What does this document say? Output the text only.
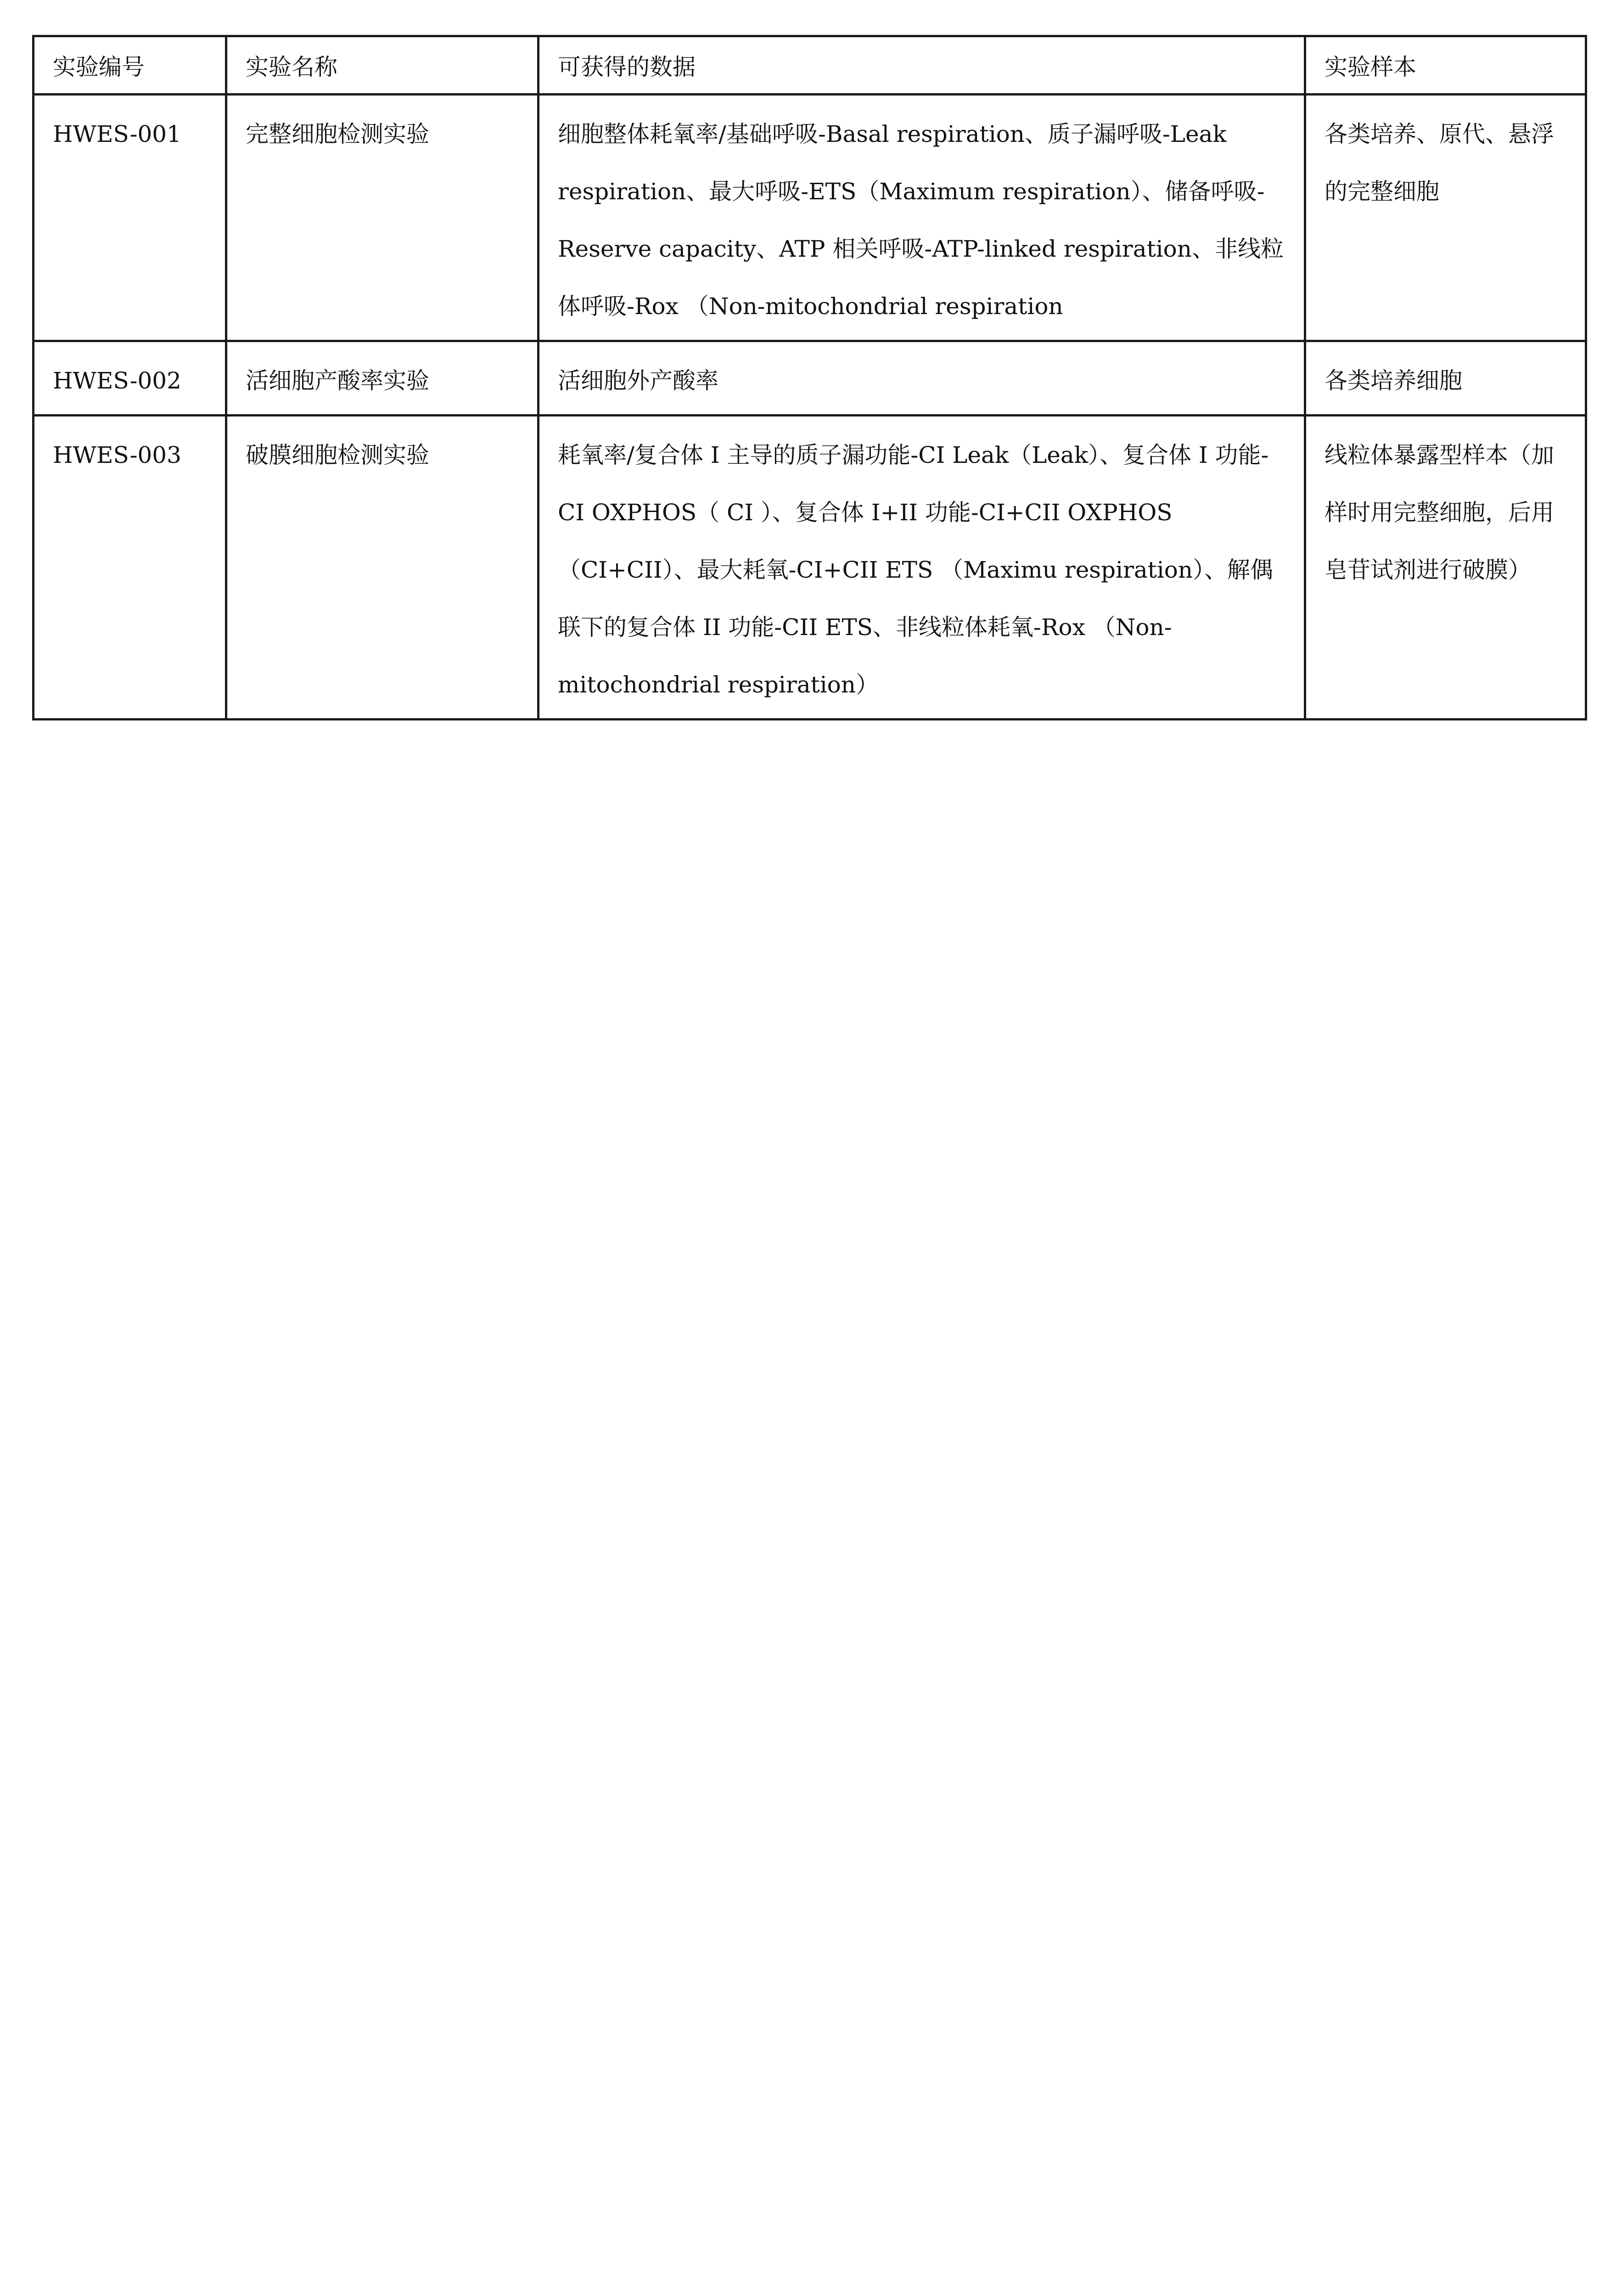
实验编号	实验名称	可获得的数据	实验样本
HWES-001	完整细胞检测实验	细胞整体耗氧率/基础呼吸-Basal respiration、质子漏呼吸-Leak respiration、最大呼吸-ETS（Maximum respiration）、储备呼吸-Reserve capacity、ATP 相关呼吸-ATP-linked respiration、非线粒体呼吸-Rox （Non-mitochondrial respiration	各类培养、原代、悬浮的完整细胞
HWES-002	活细胞产酸率实验	活细胞外产酸率	各类培养细胞
HWES-003	破膜细胞检测实验	耗氧率/复合体 I 主导的质子漏功能-CI Leak（Leak）、复合体 I 功能-CI OXPHOS（ CI ）、复合体 I+II 功能-CI+CII OXPHOS （CI+CII）、最大耗氧-CI+CII ETS （Maximu respiration）、解偶联下的复合体 II 功能-CII ETS、非线粒体耗氧-Rox （Non-mitochondrial respiration）	线粒体暴露型样本（加样时用完整细胞，后用皂苷试剂进行破膜）
